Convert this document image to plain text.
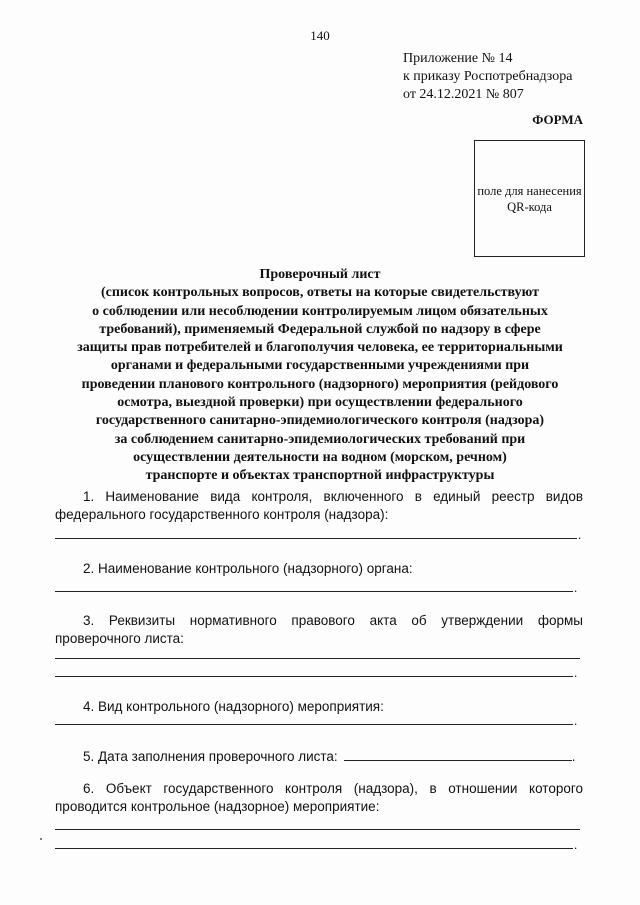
140
Приложение № 14
к приказу Роспотребнадзора
от 24.12.2021 № 807
ФОРМА
поле для нанесения
QR-кода
Проверочный лист
(список контрольных вопросов, ответы на которые свидетельствуют
о соблюдении или несоблюдении контролируемым лицом обязательных
требований), применяемый Федеральной службой по надзору в сфере
защиты прав потребителей и благополучия человека, ее территориальными
органами и федеральными государственными учреждениями при
проведении планового контрольного (надзорного) мероприятия (рейдового
осмотра, выездной проверки) при осуществлении федерального
государственного санитарно-эпидемиологического контроля (надзора)
за соблюдением санитарно-эпидемиологических требований при
осуществлении деятельности на водном (морском, речном)
транспорте и объектах транспортной инфраструктуры
1. Наименование вида контроля, включенного в единый реестр видов
федерального государственного контроля (надзора):
.
2. Наименование контрольного (надзорного) органа:
.
3. Реквизиты нормативного правового акта об утверждении формы
проверочного листа:
.
4. Вид контрольного (надзорного) мероприятия:
.
5. Дата заполнения проверочного листа:	.
6. Объект государственного контроля (надзора), в отношении которого
проводится контрольное (надзорное) мероприятие:
.
